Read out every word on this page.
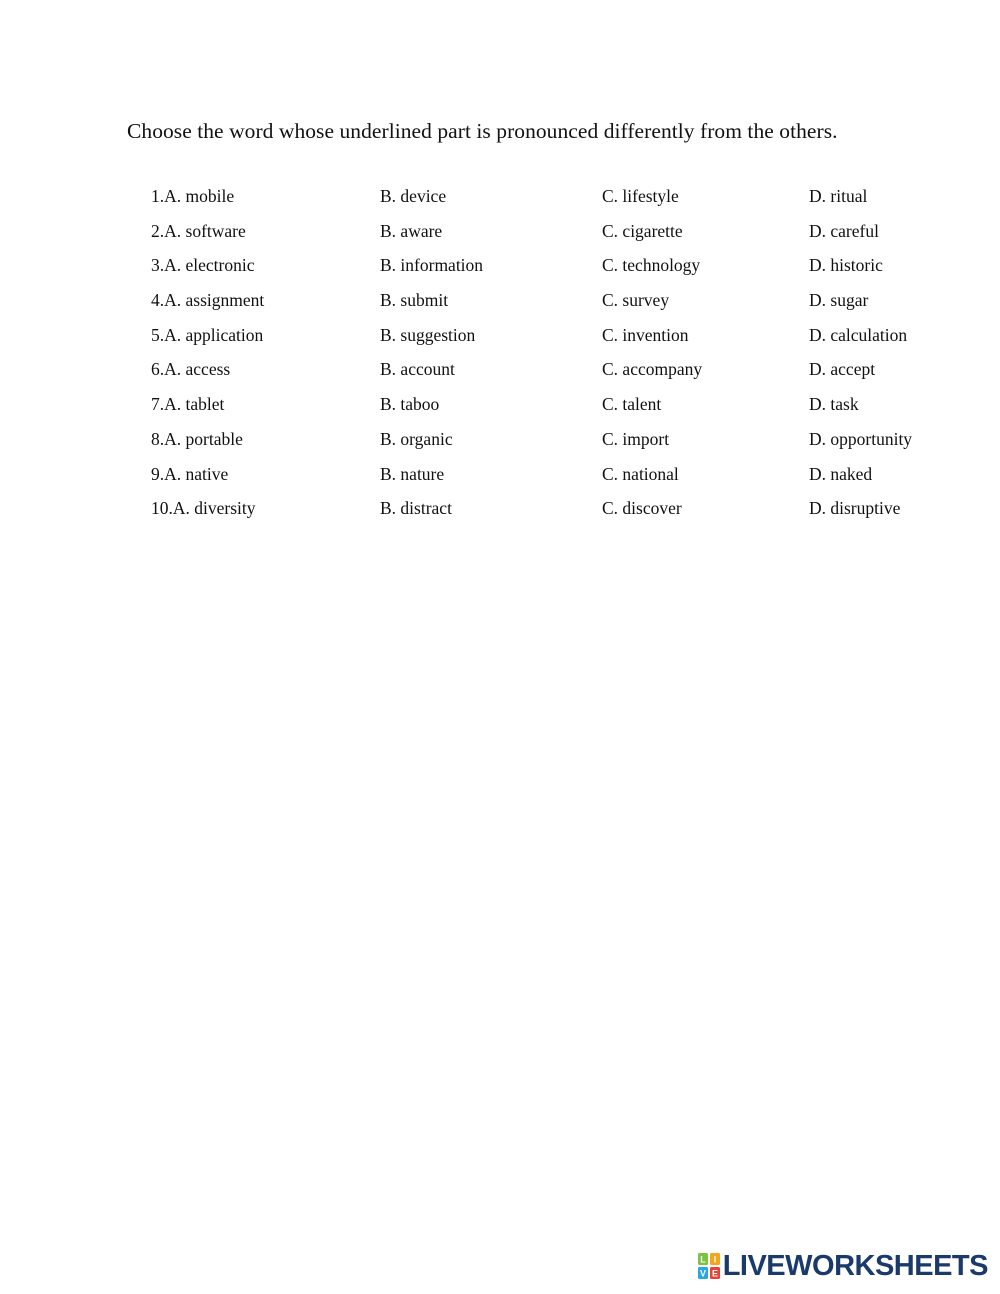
Choose the word whose underlined part is pronounced differently from the others.
1.A. mobile	B. device	C. lifestyle	D. ritual
2.A. software	B. aware	C. cigarette	D. careful
3.A. electronic	B. information	C. technology	D. historic
4.A. assignment	B. submit	C. survey	D. sugar
5.A. application	B. suggestion	C. invention	D. calculation
6.A. access	B. account	C. accompany	D. accept
7.A. tablet	B. taboo	C. talent	D. task
8.A. portable	B. organic	C. import	D. opportunity
9.A. native	B. nature	C. national	D. naked
10.A. diversity	B. distract	C. discover	D. disruptive
L I
V E LIVEWORKSHEETS
